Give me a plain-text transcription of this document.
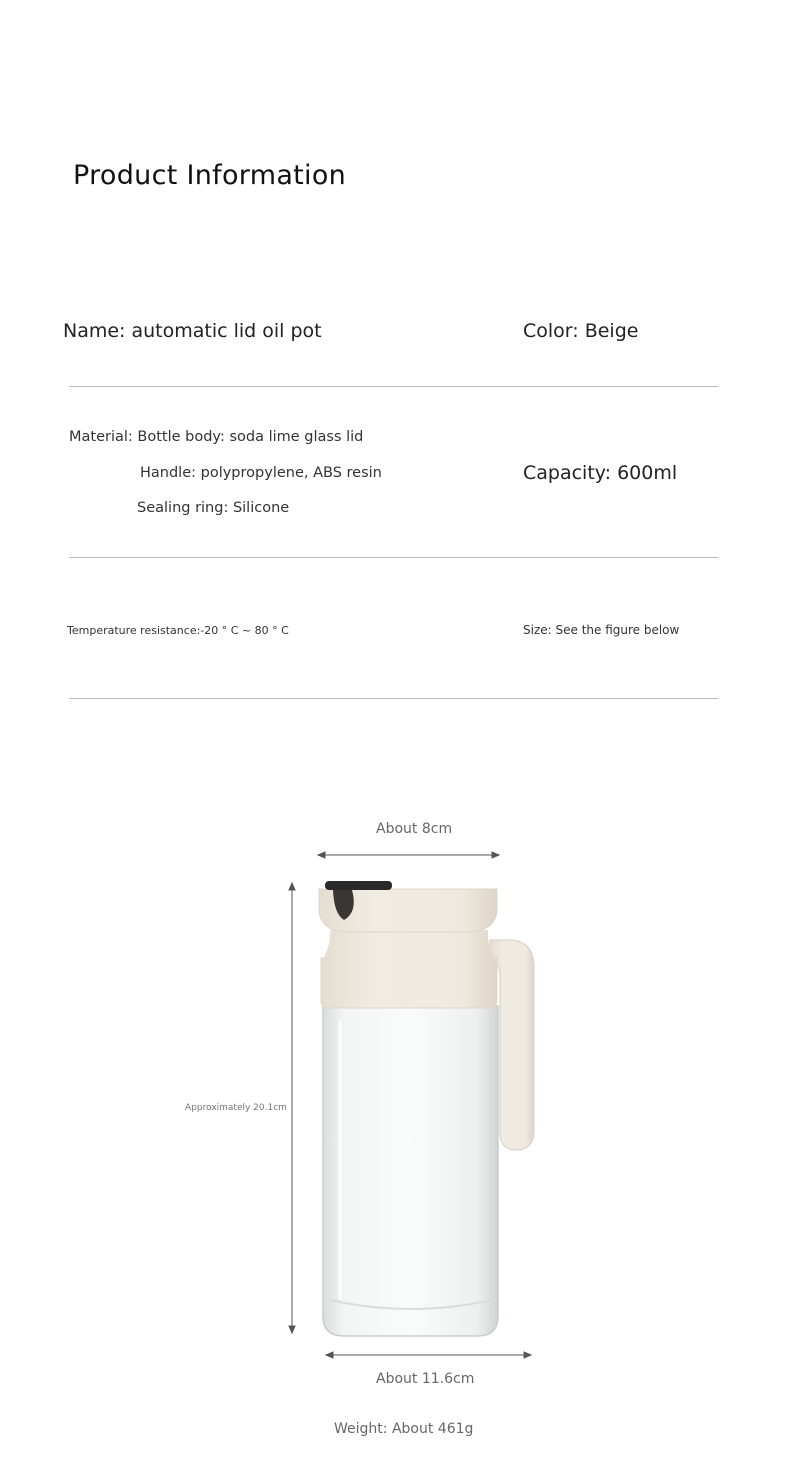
Product Information
Name: automatic lid oil pot	Color: Beige
Material: Bottle body: soda lime glass lid
Handle: polypropylene, ABS resin
Sealing ring: Silicone
Capacity: 600ml
Temperature resistance:-20 ° C ~ 80 ° C	Size: See the figure below
About 8cm
Approximately 20.1cm
About 11.6cm
Weight: About 461g
